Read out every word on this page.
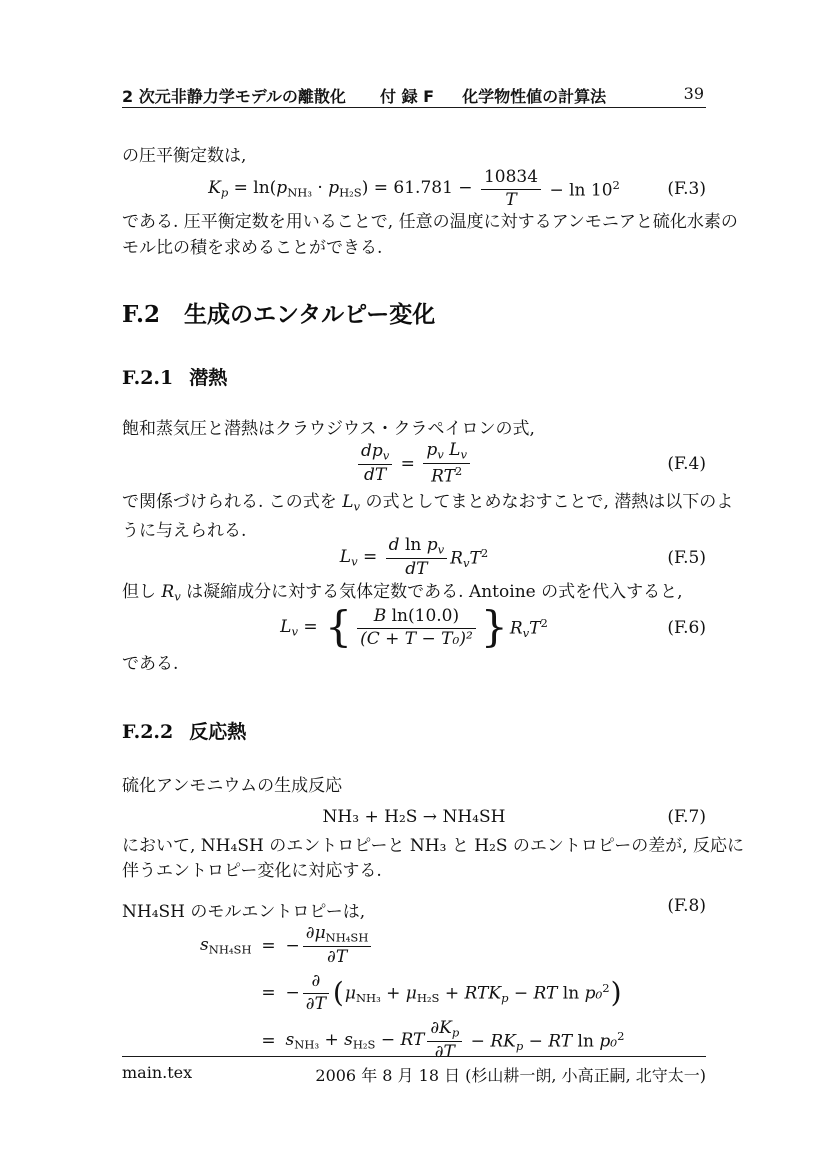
2 次元非静力学モデルの離散化 付 録 F 化学物性値の計算法	39
の圧平衡定数は,
$K_p = \ln(p_{NH_3} \cdot p_{H_2S}) = 61.781 - \frac{10834}{T} - \ln 10^2$	(F.3)
である. 圧平衡定数を用いることで, 任意の温度に対するアンモニアと硫化水素の
モル比の積を求めることができる.
F.2 生成のエンタルピー変化
F.2.1 潜熱
飽和蒸気圧と潜熱はクラウジウス・クラペイロンの式,
$\frac{dp_v}{dT} = \frac{p_v L_v}{RT^2}$	(F.4)
で関係づけられる. この式を $L_v$ の式としてまとめなおすことで, 潜熱は以下のよ
うに与えられる.
$L_v = \frac{d \ln p_v}{dT} R_vT^2$	(F.5)
但し $R_v$ は凝縮成分に対する気体定数である. Antoine の式を代入すると,
$L_v$ = { $\frac{\text{B ln(10.0)}}{\text{(C + T − T₀)²}}$ } $R_vT^2$	(F.6)
である.
F.2.2 反応熱
硫化アンモニウムの生成反応
NH₃ + H₂S → NH₄SH	(F.7)
において, NH₄SH のエントロピーと NH₃ と H₂S のエントロピーの差が, 反応に
伴うエントロピー変化に対応する.
NH₄SH のモルエントロピーは,
$s_{NH_4SH}$ = − $\frac{\partial\mu_{NH_4SH}}{\partial T}$
= − $\frac{\partial}{\partial T}$ ( $\mu_{NH_3} + \mu_{H_2S} + RTK_p$ − RT ln p₀$^2$ )
= $s_{NH_3} + s_{H_2S}$ − RT $\frac{\partial K_p}{\partial T} - RK_p$ − RT ln p₀$^2$
(F.8)
main.tex	2006 年 8 月 18 日 (杉山耕一朗, 小高正嗣, 北守太一)
